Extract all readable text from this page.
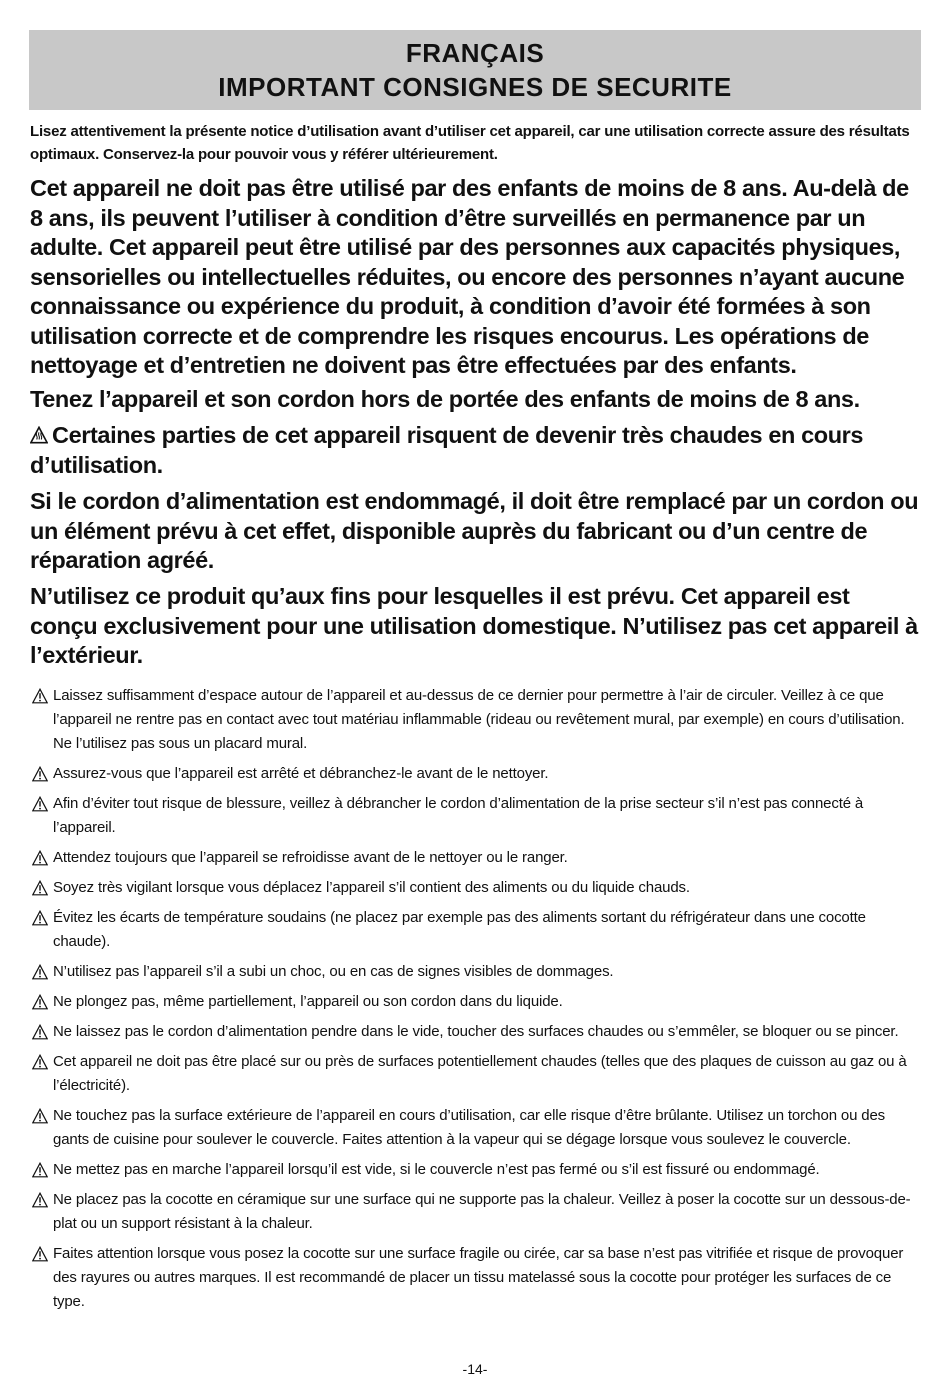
FRANÇAIS
IMPORTANT CONSIGNES DE SECURITE
Lisez attentivement la présente notice d’utilisation avant d’utiliser cet appareil, car une utilisation correcte assure des résultats optimaux. Conservez-la pour pouvoir vous y référer ultérieurement.
Cet appareil ne doit pas être utilisé par des enfants de moins de 8 ans. Au-delà de 8 ans, ils peuvent l’utiliser à condition d’être surveillés en permanence par un adulte. Cet appareil peut être utilisé par des personnes aux capacités physiques, sensorielles ou intellectuelles réduites, ou encore des personnes n’ayant aucune connaissance ou expérience du produit, à condition d’avoir été formées à son utilisation correcte et de comprendre les risques encourus. Les opérations de nettoyage et d’entretien ne doivent pas être effectuées par des enfants.
Tenez l’appareil et son cordon hors de portée des enfants de moins de 8 ans.
Certaines parties de cet appareil risquent de devenir très chaudes en cours d’utilisation.
Si le cordon d’alimentation est endommagé, il doit être remplacé par un cordon ou un élément prévu à cet effet, disponible auprès du fabricant ou d’un centre de réparation agréé.
N’utilisez ce produit qu’aux fins pour lesquelles il est prévu. Cet appareil est conçu exclusivement pour une utilisation domestique. N’utilisez pas cet appareil à l’extérieur.
Laissez suffisamment d’espace autour de l’appareil et au-dessus de ce dernier pour permettre à l’air de circuler. Veillez à ce que l’appareil ne rentre pas en contact avec tout matériau inflammable (rideau ou revêtement mural, par exemple) en cours d’utilisation. Ne l’utilisez pas sous un placard mural.
Assurez-vous que l’appareil est arrêté et débranchez-le avant de le nettoyer.
Afin d’éviter tout risque de blessure, veillez à débrancher le cordon d’alimentation de la prise secteur s’il n’est pas connecté à l’appareil.
Attendez toujours que l’appareil se refroidisse avant de le nettoyer ou le ranger.
Soyez très vigilant lorsque vous déplacez l’appareil s’il contient des aliments ou du liquide chauds.
Évitez les écarts de température soudains (ne placez par exemple pas des aliments sortant du réfrigérateur dans une cocotte chaude).
N’utilisez pas l’appareil s’il a subi un choc, ou en cas de signes visibles de dommages.
Ne plongez pas, même partiellement, l’appareil ou son cordon dans du liquide.
Ne laissez pas le cordon d’alimentation pendre dans le vide, toucher des surfaces chaudes ou s’emmêler, se bloquer ou se pincer.
Cet appareil ne doit pas être placé sur ou près de surfaces potentiellement chaudes (telles que des plaques de cuisson au gaz ou à l’électricité).
Ne touchez pas la surface extérieure de l’appareil en cours d’utilisation, car elle risque d’être brûlante. Utilisez un torchon ou des gants de cuisine pour soulever le couvercle. Faites attention à la vapeur qui se dégage lorsque vous soulevez le couvercle.
Ne mettez pas en marche l’appareil lorsqu’il est vide, si le couvercle n’est pas fermé ou s’il est fissuré ou endommagé.
Ne placez pas la cocotte en céramique sur une surface qui ne supporte pas la chaleur. Veillez à poser la cocotte sur un dessous-de-plat ou un support résistant à la chaleur.
Faites attention lorsque vous posez la cocotte sur une surface fragile ou cirée, car sa base n’est pas vitrifiée et risque de provoquer des rayures ou autres marques. Il est recommandé de placer un tissu matelassé sous la cocotte pour protéger les surfaces de ce type.
-14-
